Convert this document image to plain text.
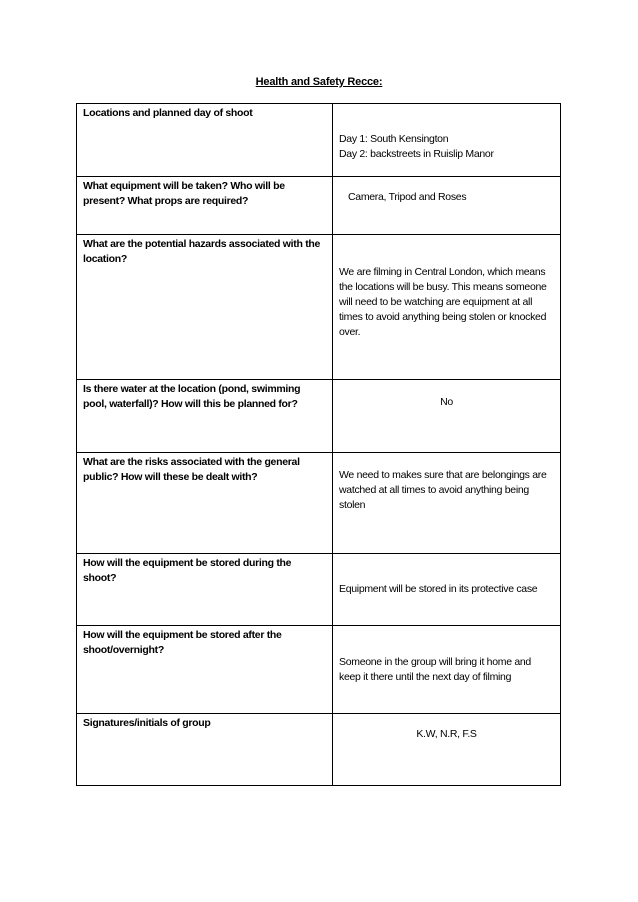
Health and Safety Recce:
Locations and planned day of shoot	Day 1: South Kensington
Day 2: backstreets in Ruislip Manor

What equipment will be taken? Who will be present? What props are required?	Camera, Tripod and Roses

What are the potential hazards associated with the location?	We are filming in Central London, which means the locations will be busy. This means someone will need to be watching are equipment at all times to avoid anything being stolen or knocked over.

Is there water at the location (pond, swimming pool, waterfall)? How will this be planned for?	No

What are the risks associated with the general public? How will these be dealt with?	We need to makes sure that are belongings are watched at all times to avoid anything being stolen

How will the equipment be stored during the shoot?	Equipment will be stored in its protective case

How will the equipment be stored after the shoot/overnight?	Someone in the group will bring it home and keep it there until the next day of filming

Signatures/initials of group	K.W, N.R, F.S
